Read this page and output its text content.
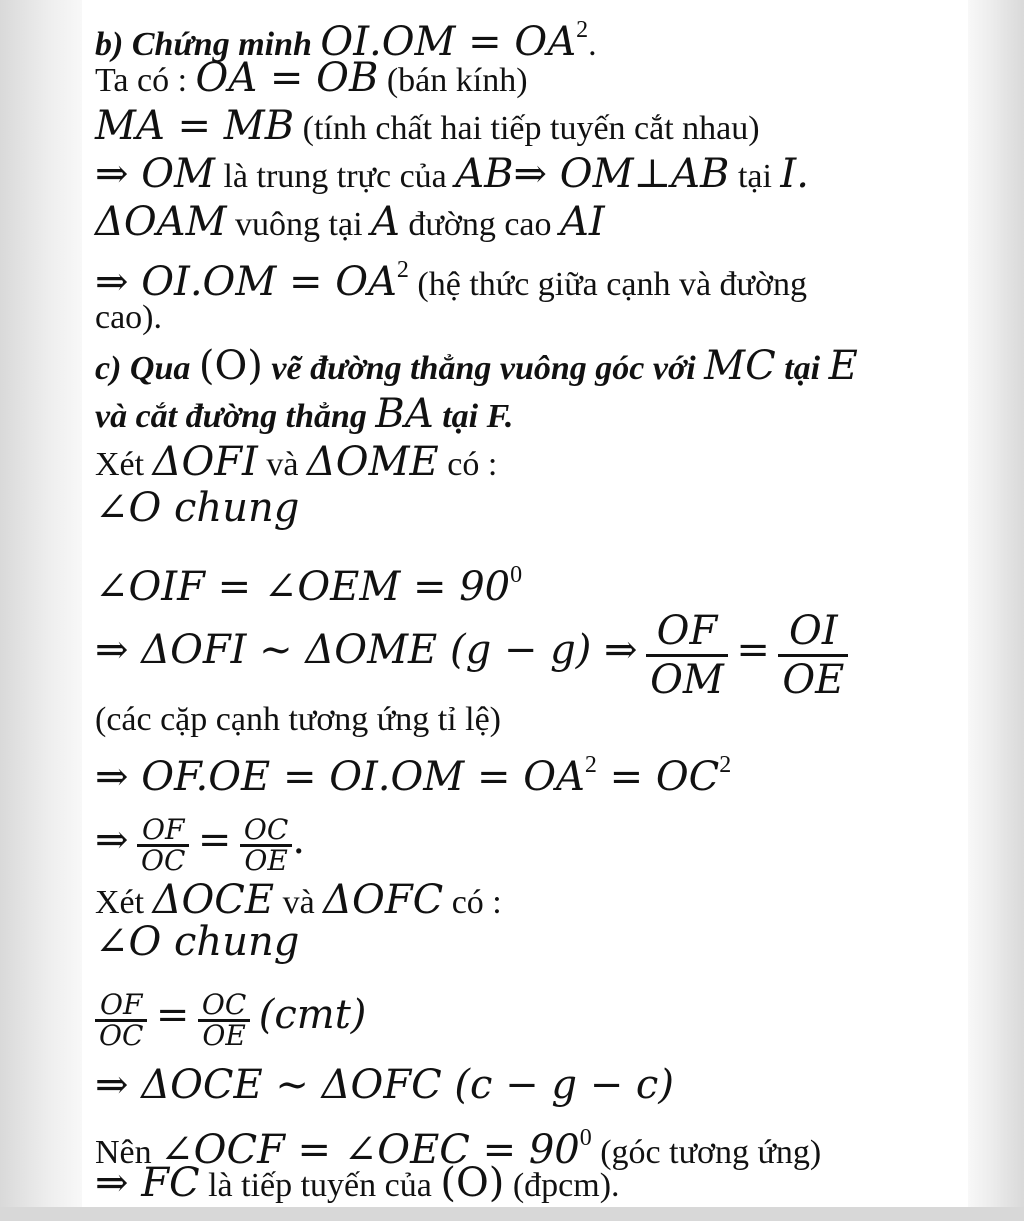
b) Chứng minh $OI.OM = OA^2$.
Ta có : OA = OB (bán kính)
MA = MB (tính chất hai tiếp tuyến cắt nhau)
⇒ OM là trung trực của AB⇒ OM⊥AB tại I.
ΔOAM vuông tại A đường cao AI
⇒ $OI.OM = OA^2$ (hệ thức giữa cạnh và đường
cao).
c) Qua (O) vẽ đường thẳng vuông góc với MC tại E
và cắt đường thẳng BA tại F.
Xét ΔOFI và ΔOME có :
∠O chung
∠OIF = ∠OEM = $90^0$
⇒ ΔOFI ∼ ΔOME (g − g) ⇒ $\frac{OF}{OM} = \frac{OI}{OE}$
(các cặp cạnh tương ứng tỉ lệ)
⇒ $OF.OE = OI.OM = OA^2 = OC^2$
⇒ $\frac{OF}{OC} = \frac{OC}{OE}$ .
Xét ΔOCE và ΔOFC có :
∠O chung
$\frac{OF}{OC} = \frac{OC}{OE} (cmt)$
⇒ ΔOCE ∼ ΔOFC (c − g − c)
Nên ∠OCF = ∠OEC = $90^0$ (góc tương ứng)
⇒ FC là tiếp tuyến của (O) (đpcm).
